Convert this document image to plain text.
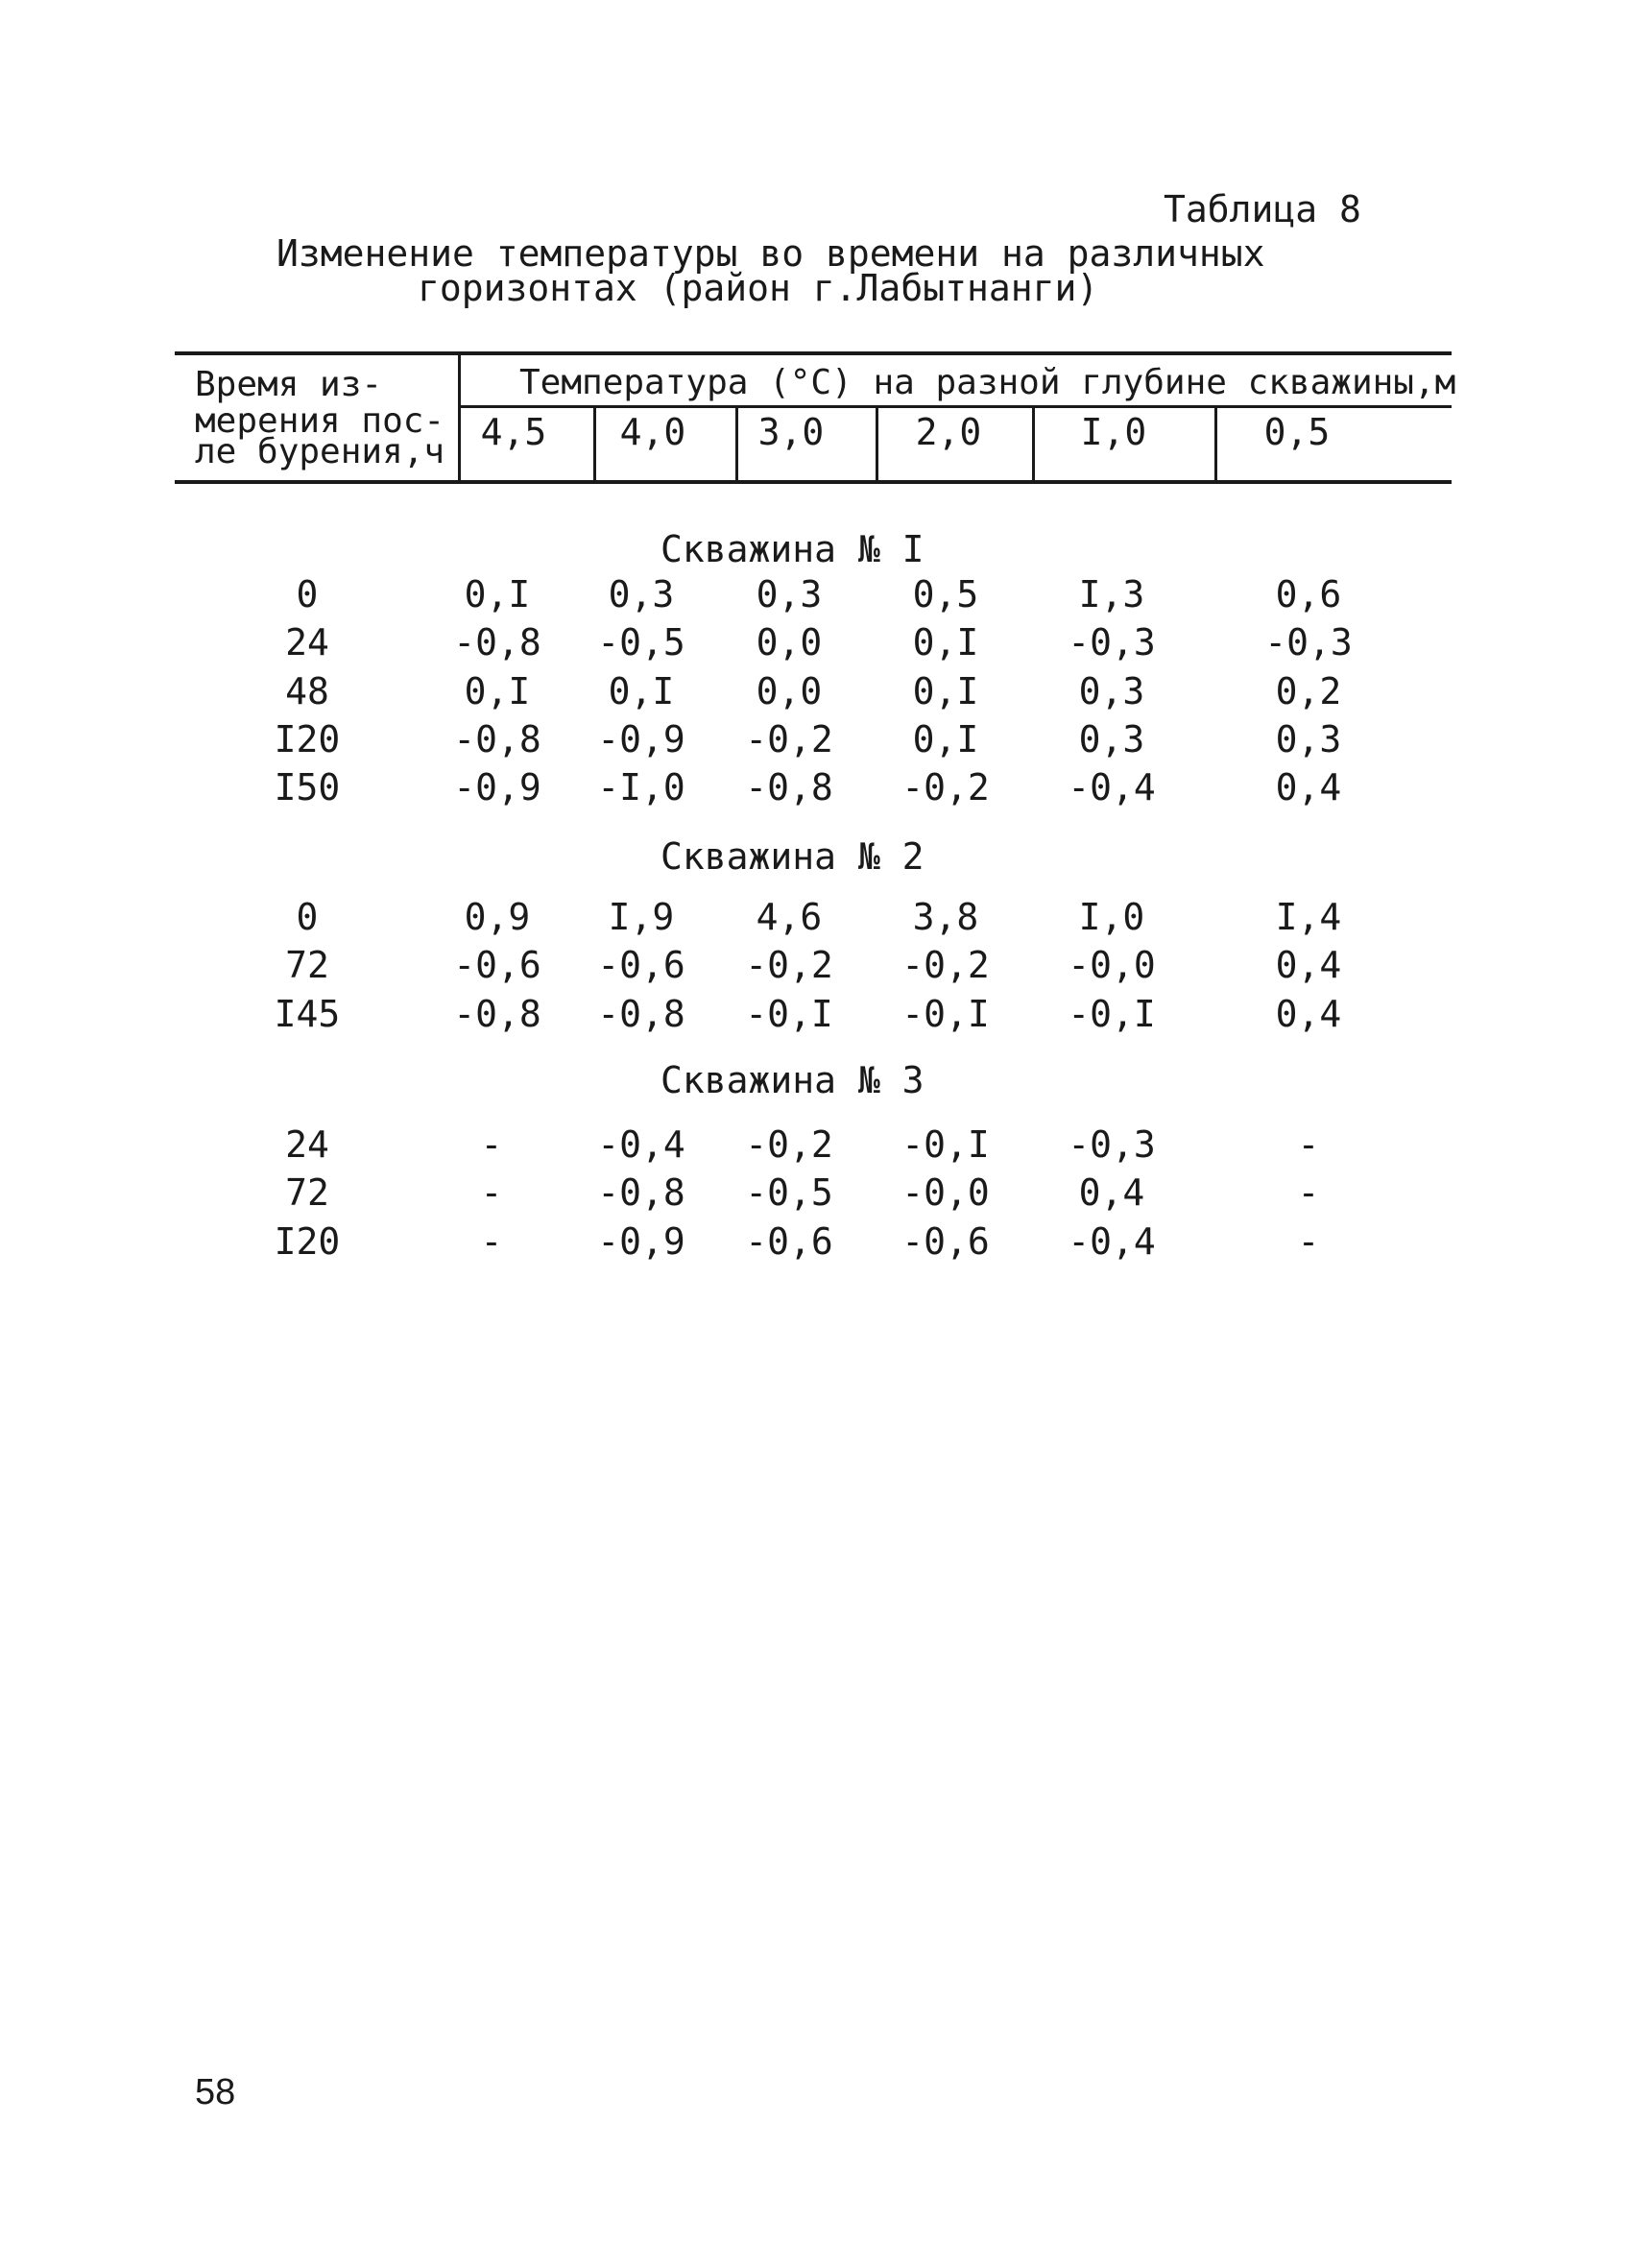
Таблица 8
Изменение температуры во времени на различных
горизонтах (район г.Лабытнанги)
Время из-
мерения пос-
ле бурения,ч
Температура (°С) на разной глубине скважины,м
4,5	4,0	3,0	2,0	I,0	0,5
Скважина № I
0	0,I	0,3	0,3	0,5	I,3	0,6
24	-0,8	-0,5	0,0	0,I	-0,3	-0,3
48	0,I	0,I	0,0	0,I	0,3	0,2
I20	-0,8	-0,9	-0,2	0,I	0,3	0,3
I50	-0,9	-I,0	-0,8	-0,2	-0,4	0,4
Скважина № 2
0	0,9	I,9	4,6	3,8	I,0	I,4
72	-0,6	-0,6	-0,2	-0,2	-0,0	0,4
I45	-0,8	-0,8	-0,I	-0,I	-0,I	0,4
Скважина № 3
24	-	-0,4	-0,2	-0,I	-0,3	-
72	-	-0,8	-0,5	-0,0	0,4	-
I20	-	-0,9	-0,6	-0,6	-0,4	-
58
